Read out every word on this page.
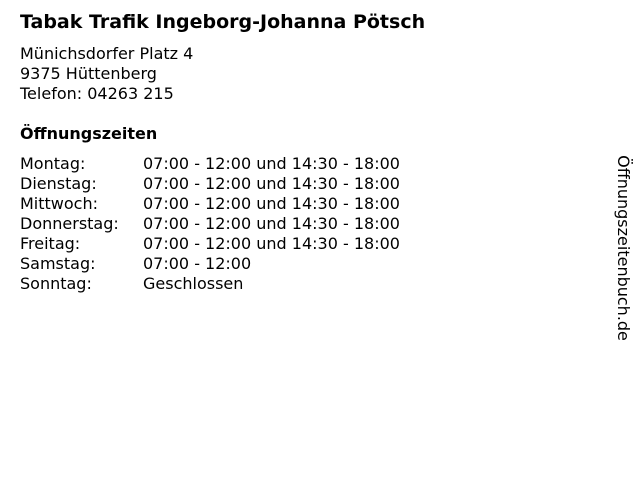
Tabak Trafik Ingeborg-Johanna Pötsch
Münichsdorfer Platz 4
9375 Hüttenberg
Telefon: 04263 215
Öffnungszeiten
Montag:	07:00 - 12:00 und 14:30 - 18:00
Dienstag:	07:00 - 12:00 und 14:30 - 18:00
Mittwoch:	07:00 - 12:00 und 14:30 - 18:00
Donnerstag:	07:00 - 12:00 und 14:30 - 18:00
Freitag:	07:00 - 12:00 und 14:30 - 18:00
Samstag:	07:00 - 12:00
Sonntag:	Geschlossen	Öffnungszeitenbuch.de
